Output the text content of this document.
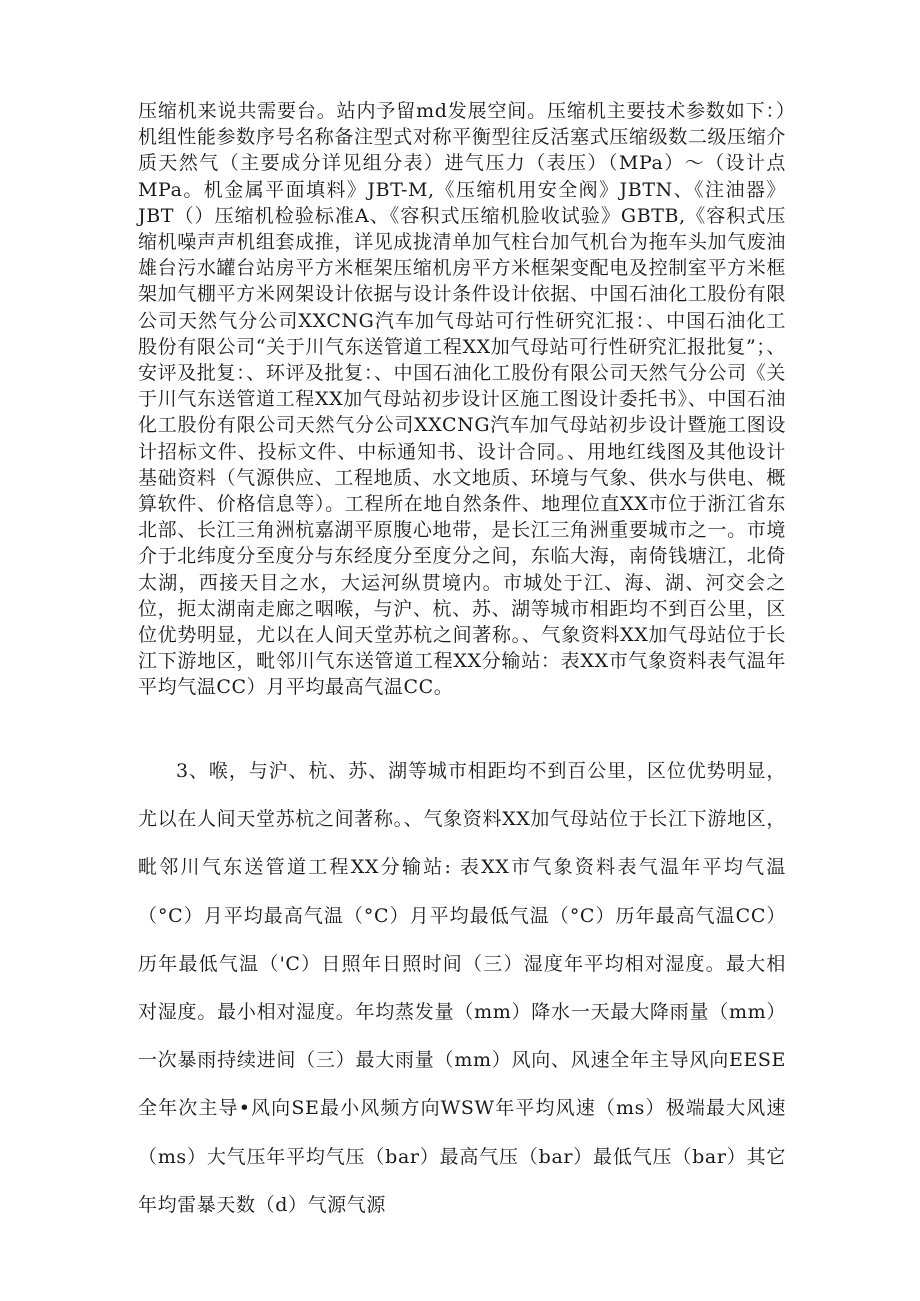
压缩机来说共需要台。站内予留md发展空间。压缩机主要技术参数如下：）机组性能参数序号名称备注型式对称平衡型往反活塞式压缩级数二级压缩介质天然气（主要成分详见组分表）进气压力（表压）（MPa）～（设计点MPa。机金属平面填料》JBT-M,《压缩机用安全阀》JBTN、《注油器》JBT（）压缩机检验标准A、《容积式压缩机脸收试验》GBTB,《容积式压缩机噪声声机组套成推，详见成拢清单加气柱台加气机台为拖车头加气废油雄台污水罐台站房平方米框架压缩机房平方米框架变配电及控制室平方米框架加气棚平方米网架设计依据与设计条件设计依据、中国石油化工股份有限公司天然气分公司XXCNG汽车加气母站可行性研究汇报：、中国石油化工股份有限公司“关于川气东送管道工程XX加气母站可行性研究汇报批复”；、安评及批复：、环评及批复：、中国石油化工股份有限公司天然气分公司《关于川气东送管道工程XX加气母站初步设计区施工图设计委托书》、中国石油化工股份有限公司天然气分公司XXCNG汽车加气母站初步设计暨施工图设计招标文件、投标文件、中标通知书、设计合同。、用地红线图及其他设计基础资料（气源供应、工程地质、水文地质、环境与气象、供水与供电、概算软件、价格信息等）。工程所在地自然条件、地理位直XX市位于浙江省东北部、长江三角洲杭嘉湖平原腹心地带，是长江三角洲重要城市之一。市境介于北纬度分至度分与东经度分至度分之间，东临大海，南倚钱塘江，北倚太湖，西接天目之水，大运河纵贯境内。市城处于江、海、湖、河交会之位，扼太湖南走廊之咽喉，与沪、杭、苏、湖等城市相距均不到百公里，区位优势明显，尤以在人间天堂苏杭之间著称。、气象资料XX加气母站位于长江下游地区，毗邻川气东送管道工程XX分输站：表XX市气象资料表气温年平均气温CC）月平均最高气温CC。

3、喉，与沪、杭、苏、湖等城市相距均不到百公里，区位优势明显，尤以在人间天堂苏杭之间著称。、气象资料XX加气母站位于长江下游地区，毗邻川气东送管道工程XX分输站: 表XX市气象资料表气温年平均气温（°C）月平均最高气温（°C）月平均最低气温（°C）历年最高气温CC）历年最低气温（'C）日照年日照时间（三）湿度年平均相对湿度。最大相对湿度。最小相对湿度。年均蒸发量（mm）降水一天最大降雨量（mm）一次暴雨持续进间（三）最大雨量（mm）风向、风速全年主导风向EESE全年次主导•风向SE最小风频方向WSW年平均风速（ms）极端最大风速（ms）大气压年平均气压（bar）最高气压（bar）最低气压（bar）其它年均雷暴天数（d）气源气源
